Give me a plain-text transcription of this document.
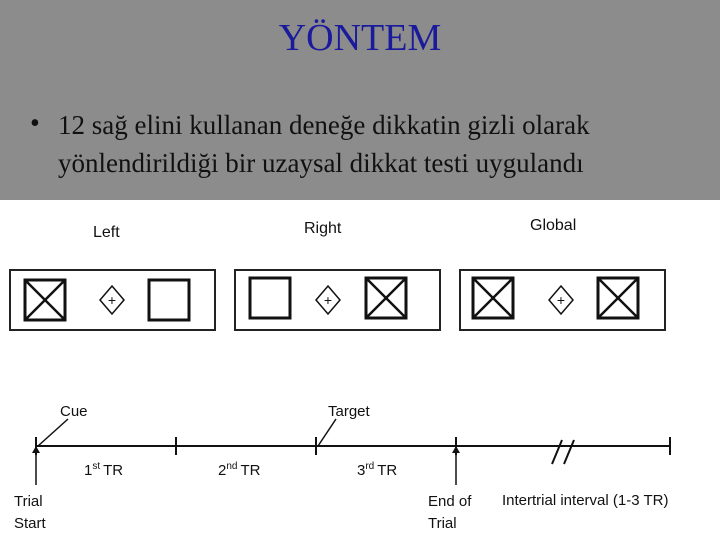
YÖNTEM
• 12 sağ elini kullanan deneğe dikkatin gizli olarak yönlendirildiği bir uzaysal dikkat testi uygulandı
Left	Right	Global
+	+	+
Cue	Target
1st TR	2nd TR	3rd TR
Trial
Start
End of
Trial
Intertrial interval (1-3 TR)
